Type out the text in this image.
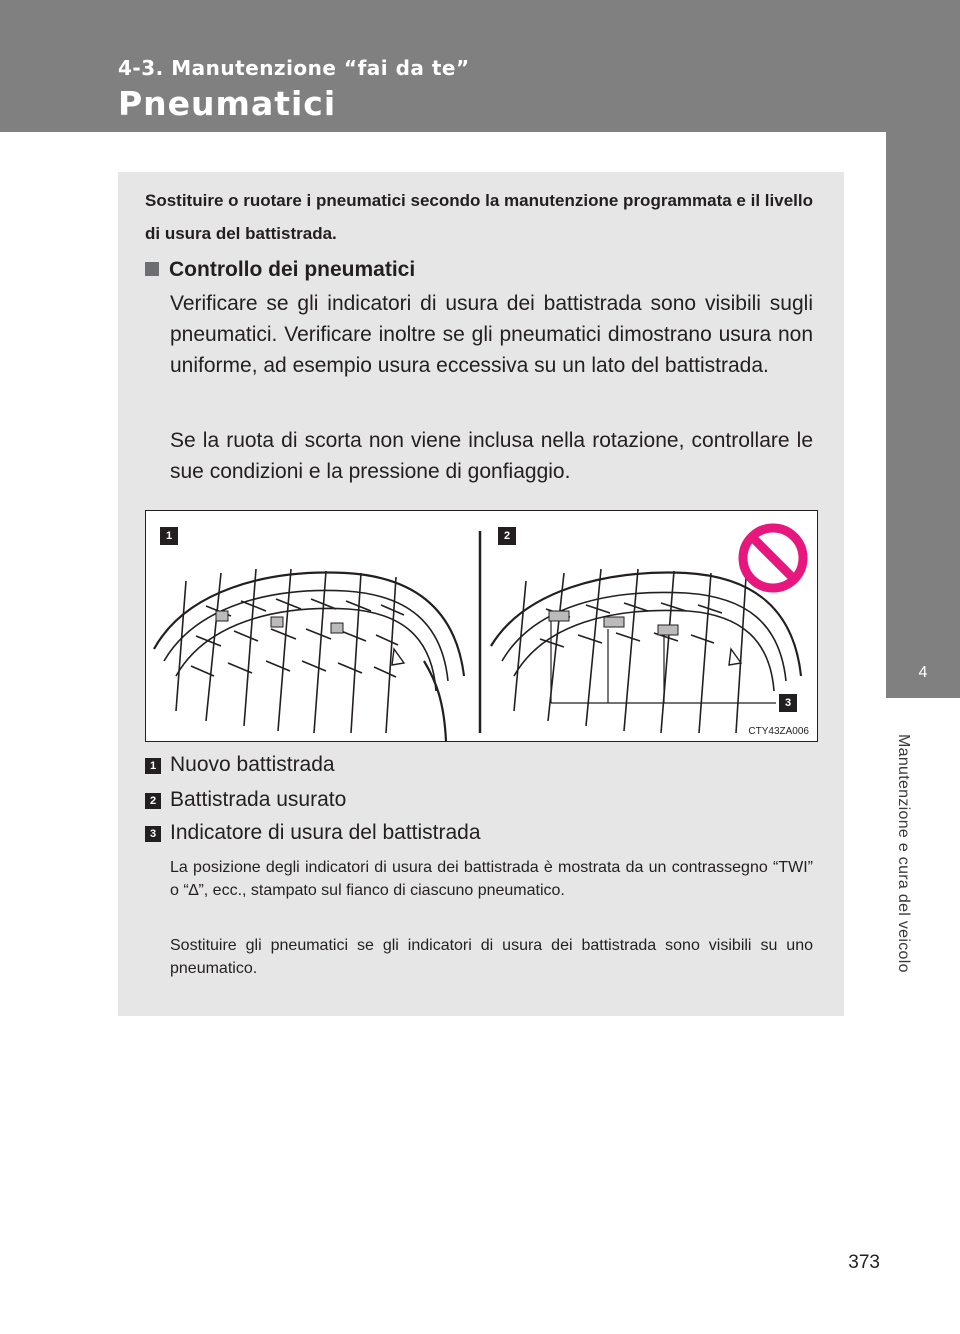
4-3. Manutenzione “fai da te”
Pneumatici
4
Manutenzione e cura del veicolo
Sostituire o ruotare i pneumatici secondo la manutenzione programmata e il livello di usura del battistrada.
Controllo dei pneumatici
Verificare se gli indicatori di usura dei battistrada sono visibili sugli pneumatici. Verificare inoltre se gli pneumatici dimostrano usura non uniforme, ad esempio usura eccessiva su un lato del battistrada.
Se la ruota di scorta non viene inclusa nella rotazione, controllare le sue condizioni e la pressione di gonfiaggio.
1	2
3
CTY43ZA006
1 Nuovo battistrada
2 Battistrada usurato
3 Indicatore di usura del battistrada
La posizione degli indicatori di usura dei battistrada è mostrata da un contrassegno “TWI” o “∆”, ecc., stampato sul fianco di ciascuno pneumatico.
Sostituire gli pneumatici se gli indicatori di usura dei battistrada sono visibili su uno pneumatico.
373
